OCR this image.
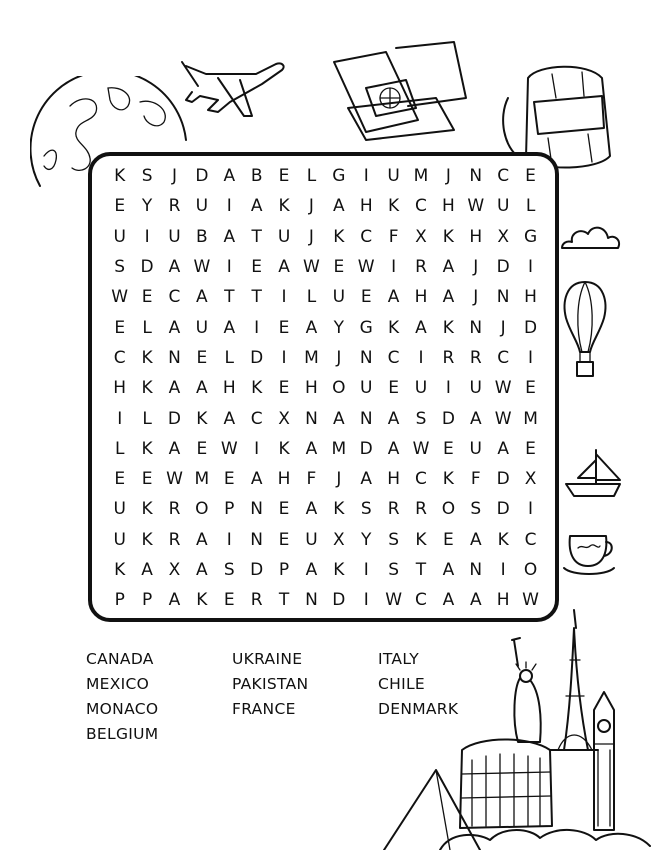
K S	J	D A B E	L G	I	U M	J	N C E
E Y R U	I	A K	J	A H K C H W U L
U	I	U B A T U	J	K C F X K H X G
S D A W I	E A W E W I	R A	J	D	I
W E C A T	T	I	L U E A H A	J	N H
E	L A U A	I	E A Y G K A K N	J	D
C K N E	L D	I	M	J	N C	I	R R C	I
H K A A H K E H O U E U	I	U W E
I	L D K A C X N A N A S D A W M
L	K A E W I	K A M D A W E U A E
E E W M E A H F	J	A H C K F D X
U K R O P N E A K S R R O S D	I
U K R A	I	N E U X Y S K E A K C
K A X A S D P A K	I	S T A N	I	O
P	P A K E R T N D	I W C A A H W
CANADA	UKRAINE	ITALY
MEXICO	PAKISTAN	CHILE
MONACO	FRANCE	DENMARK
BELGIUM
